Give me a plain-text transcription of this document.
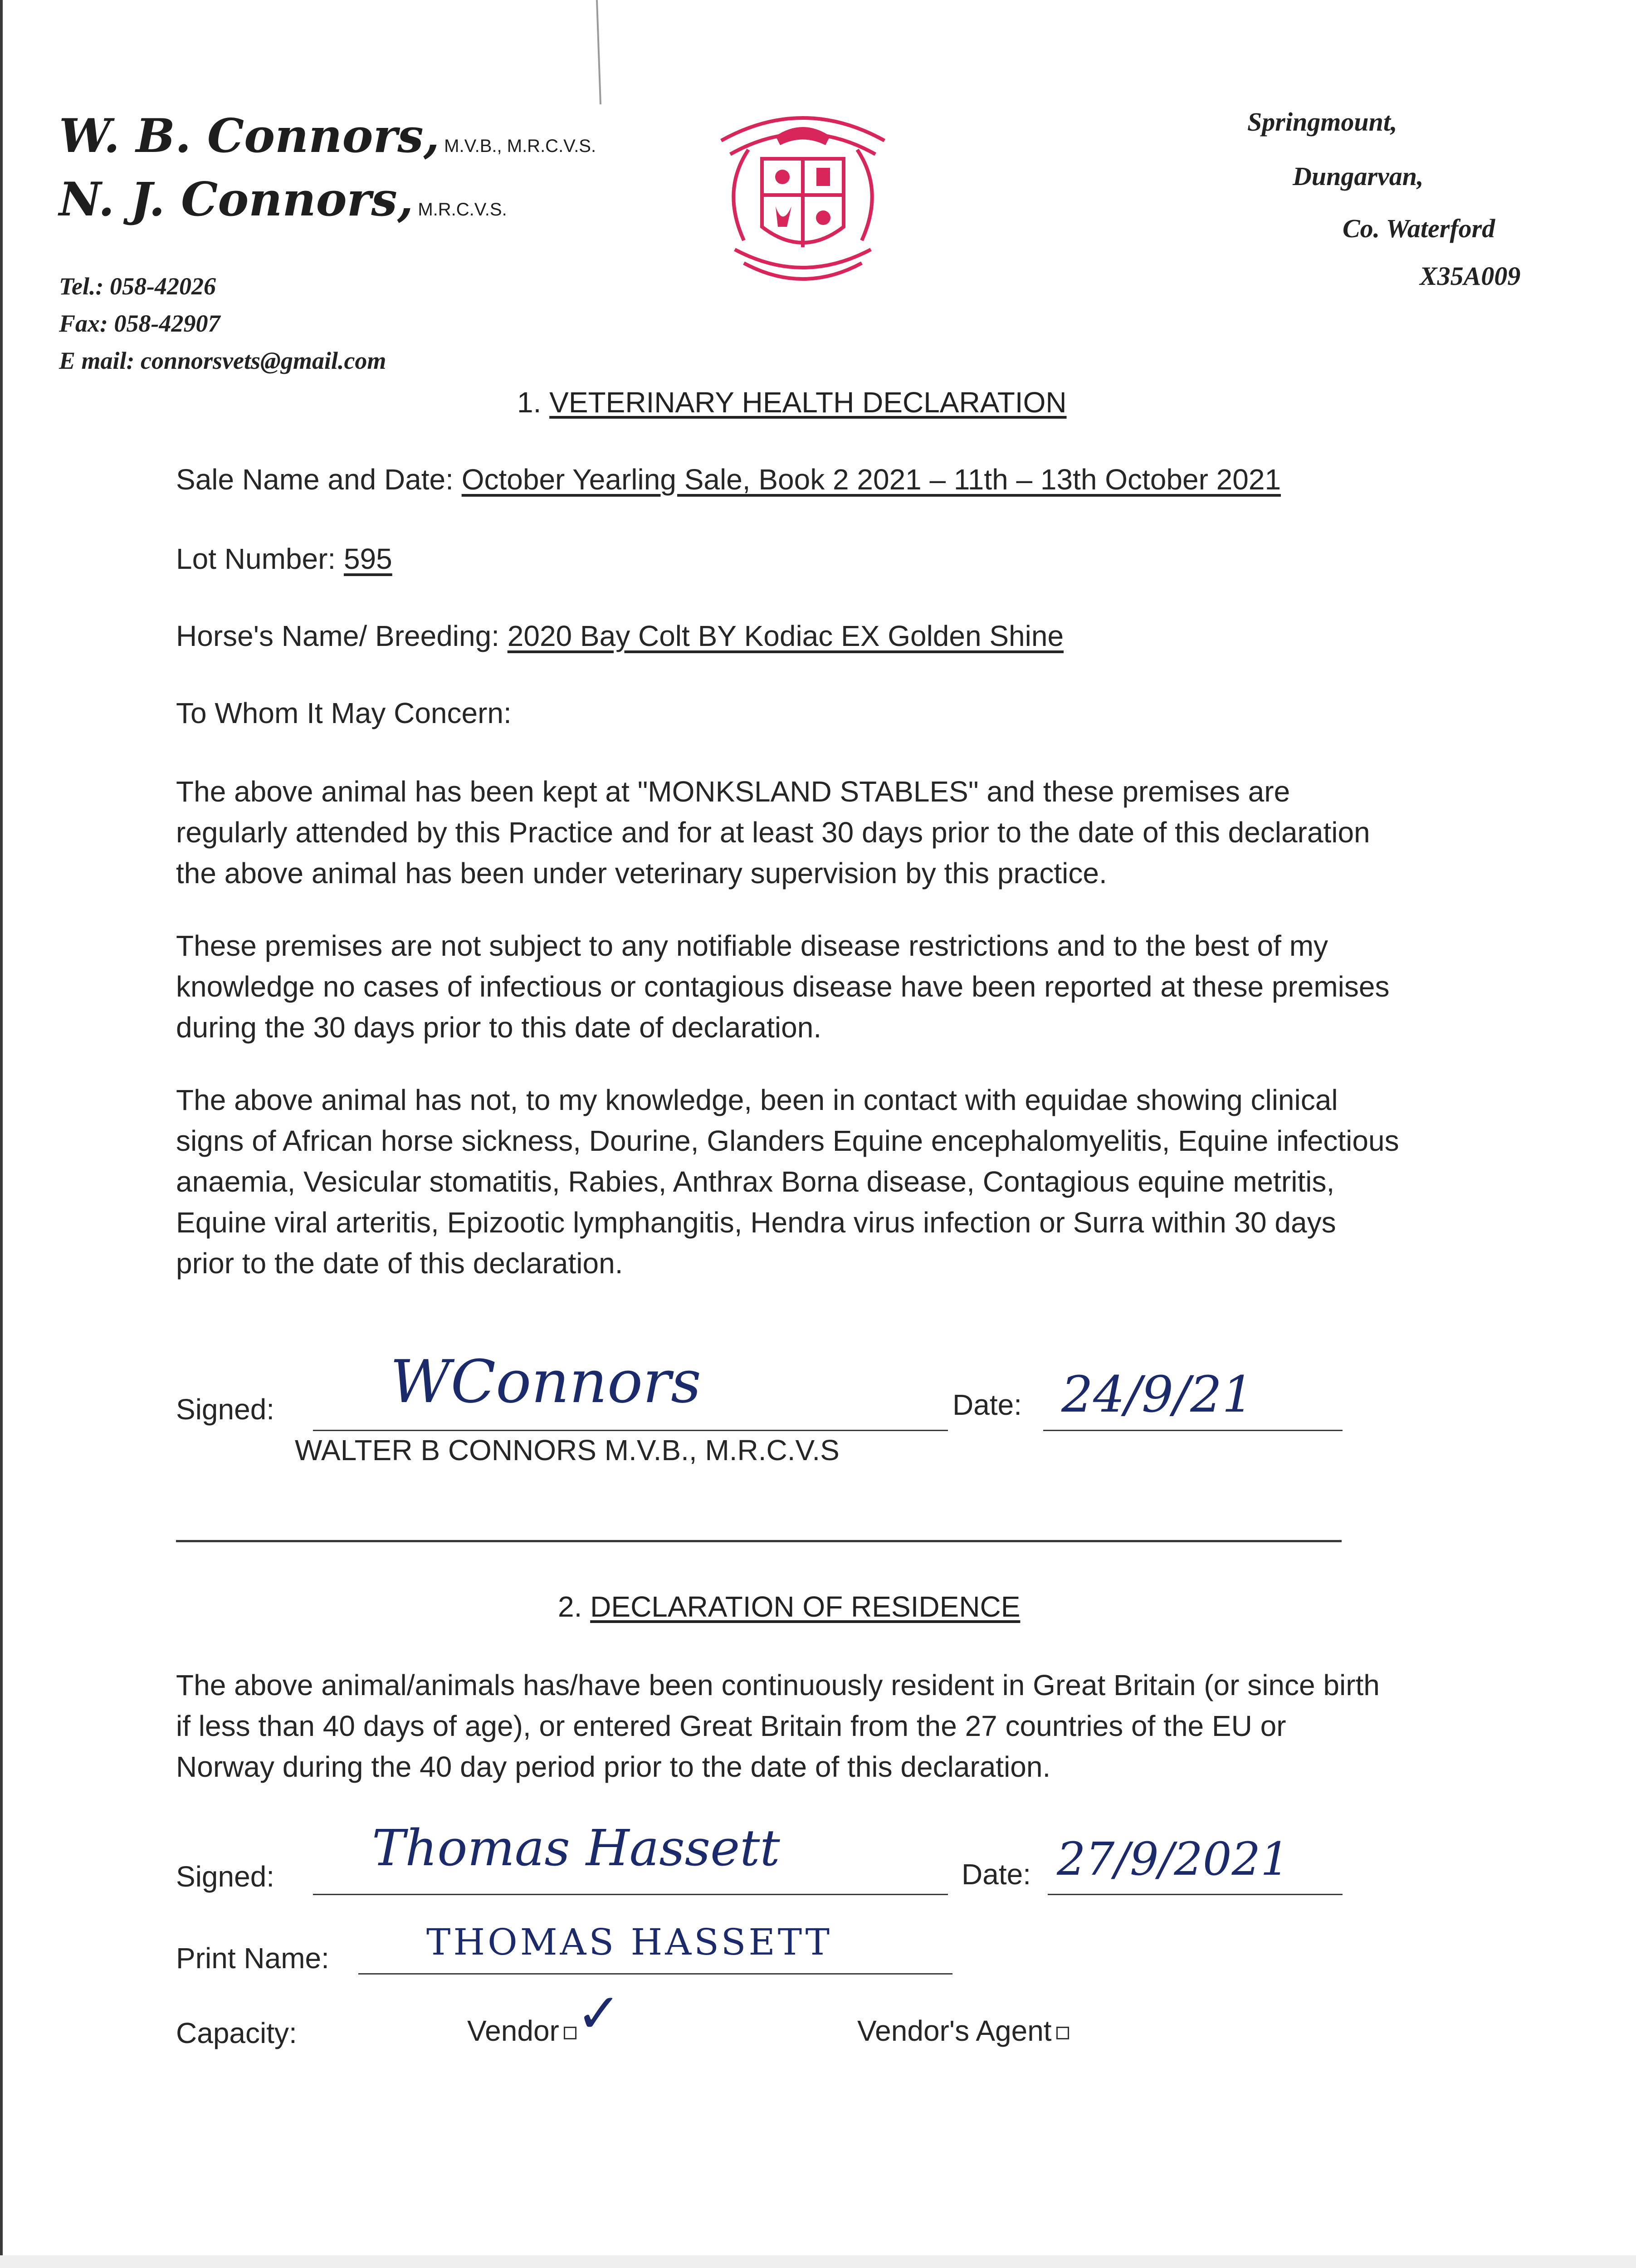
W. B. Connors, M.V.B., M.R.C.V.S.
N. J. Connors, M.R.C.V.S.
Tel.: 058-42026
Fax: 058-42907
E mail: connorsvets@gmail.com
Springmount,
Dungarvan,
Co. Waterford
X35A009
1. VETERINARY HEALTH DECLARATION
Sale Name and Date: October Yearling Sale, Book 2 2021 – 11th – 13th October 2021
Lot Number: 595
Horse's Name/ Breeding: 2020 Bay Colt BY Kodiac EX Golden Shine
To Whom It May Concern:

The above animal has been kept at "MONKSLAND STABLES" and these premises are regularly attended by this Practice and for at least 30 days prior to the date of this declaration the above animal has been under veterinary supervision by this practice.

These premises are not subject to any notifiable disease restrictions and to the best of my knowledge no cases of infectious or contagious disease have been reported at these premises during the 30 days prior to this date of declaration.

The above animal has not, to my knowledge, been in contact with equidae showing clinical signs of African horse sickness, Dourine, Glanders Equine encephalomyelitis, Equine infectious anaemia, Vesicular stomatitis, Rabies, Anthrax Borna disease, Contagious equine metritis, Equine viral arteritis, Epizootic lymphangitis, Hendra virus infection or Surra within 30 days prior to the date of this declaration.

Signed: WConnors	Date: 24/9/21
WALTER B CONNORS M.V.B., M.R.C.V.S
2. DECLARATION OF RESIDENCE

The above animal/animals has/have been continuously resident in Great Britain (or since birth if less than 40 days of age), or entered Great Britain from the 27 countries of the EU or Norway during the 40 day period prior to the date of this declaration.

Signed: Thomas Hassett	Date: 27/9/2021
Print Name:	THOMAS HASSETT
Capacity:	Vendor ✓	Vendor's Agent
